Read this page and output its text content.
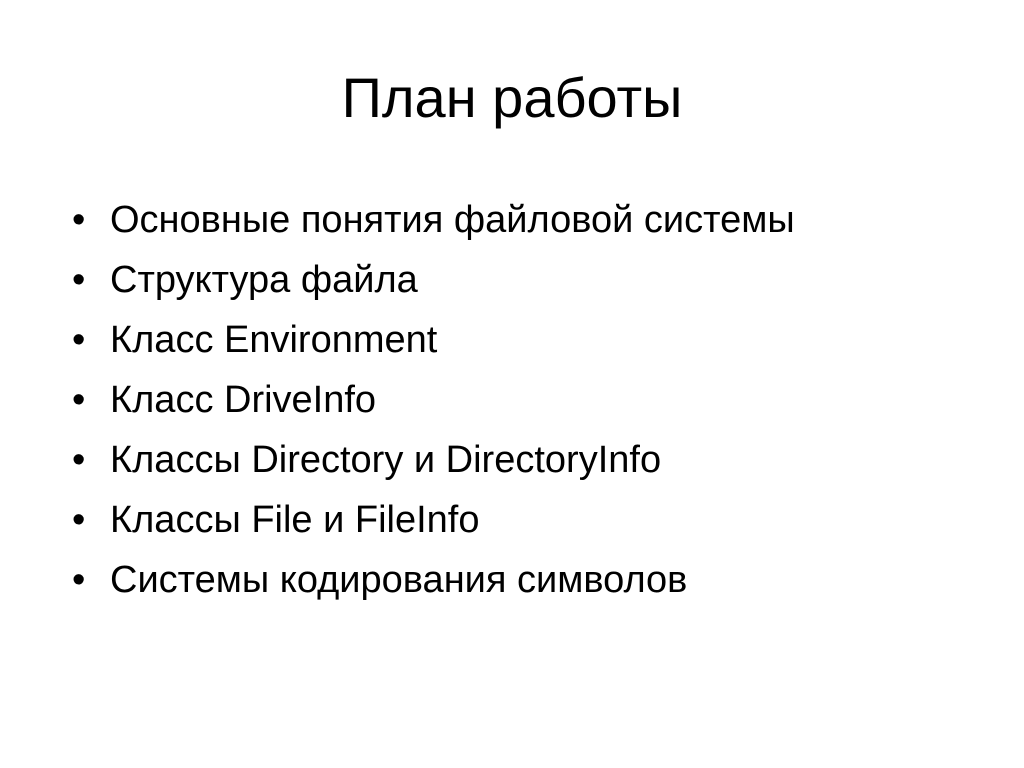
План работы
• Основные понятия файловой системы
• Структура файла
• Класс Environment
• Класс DriveInfo
• Классы Directory и DirectoryInfo
• Классы File и FileInfo
• Системы кодирования символов
